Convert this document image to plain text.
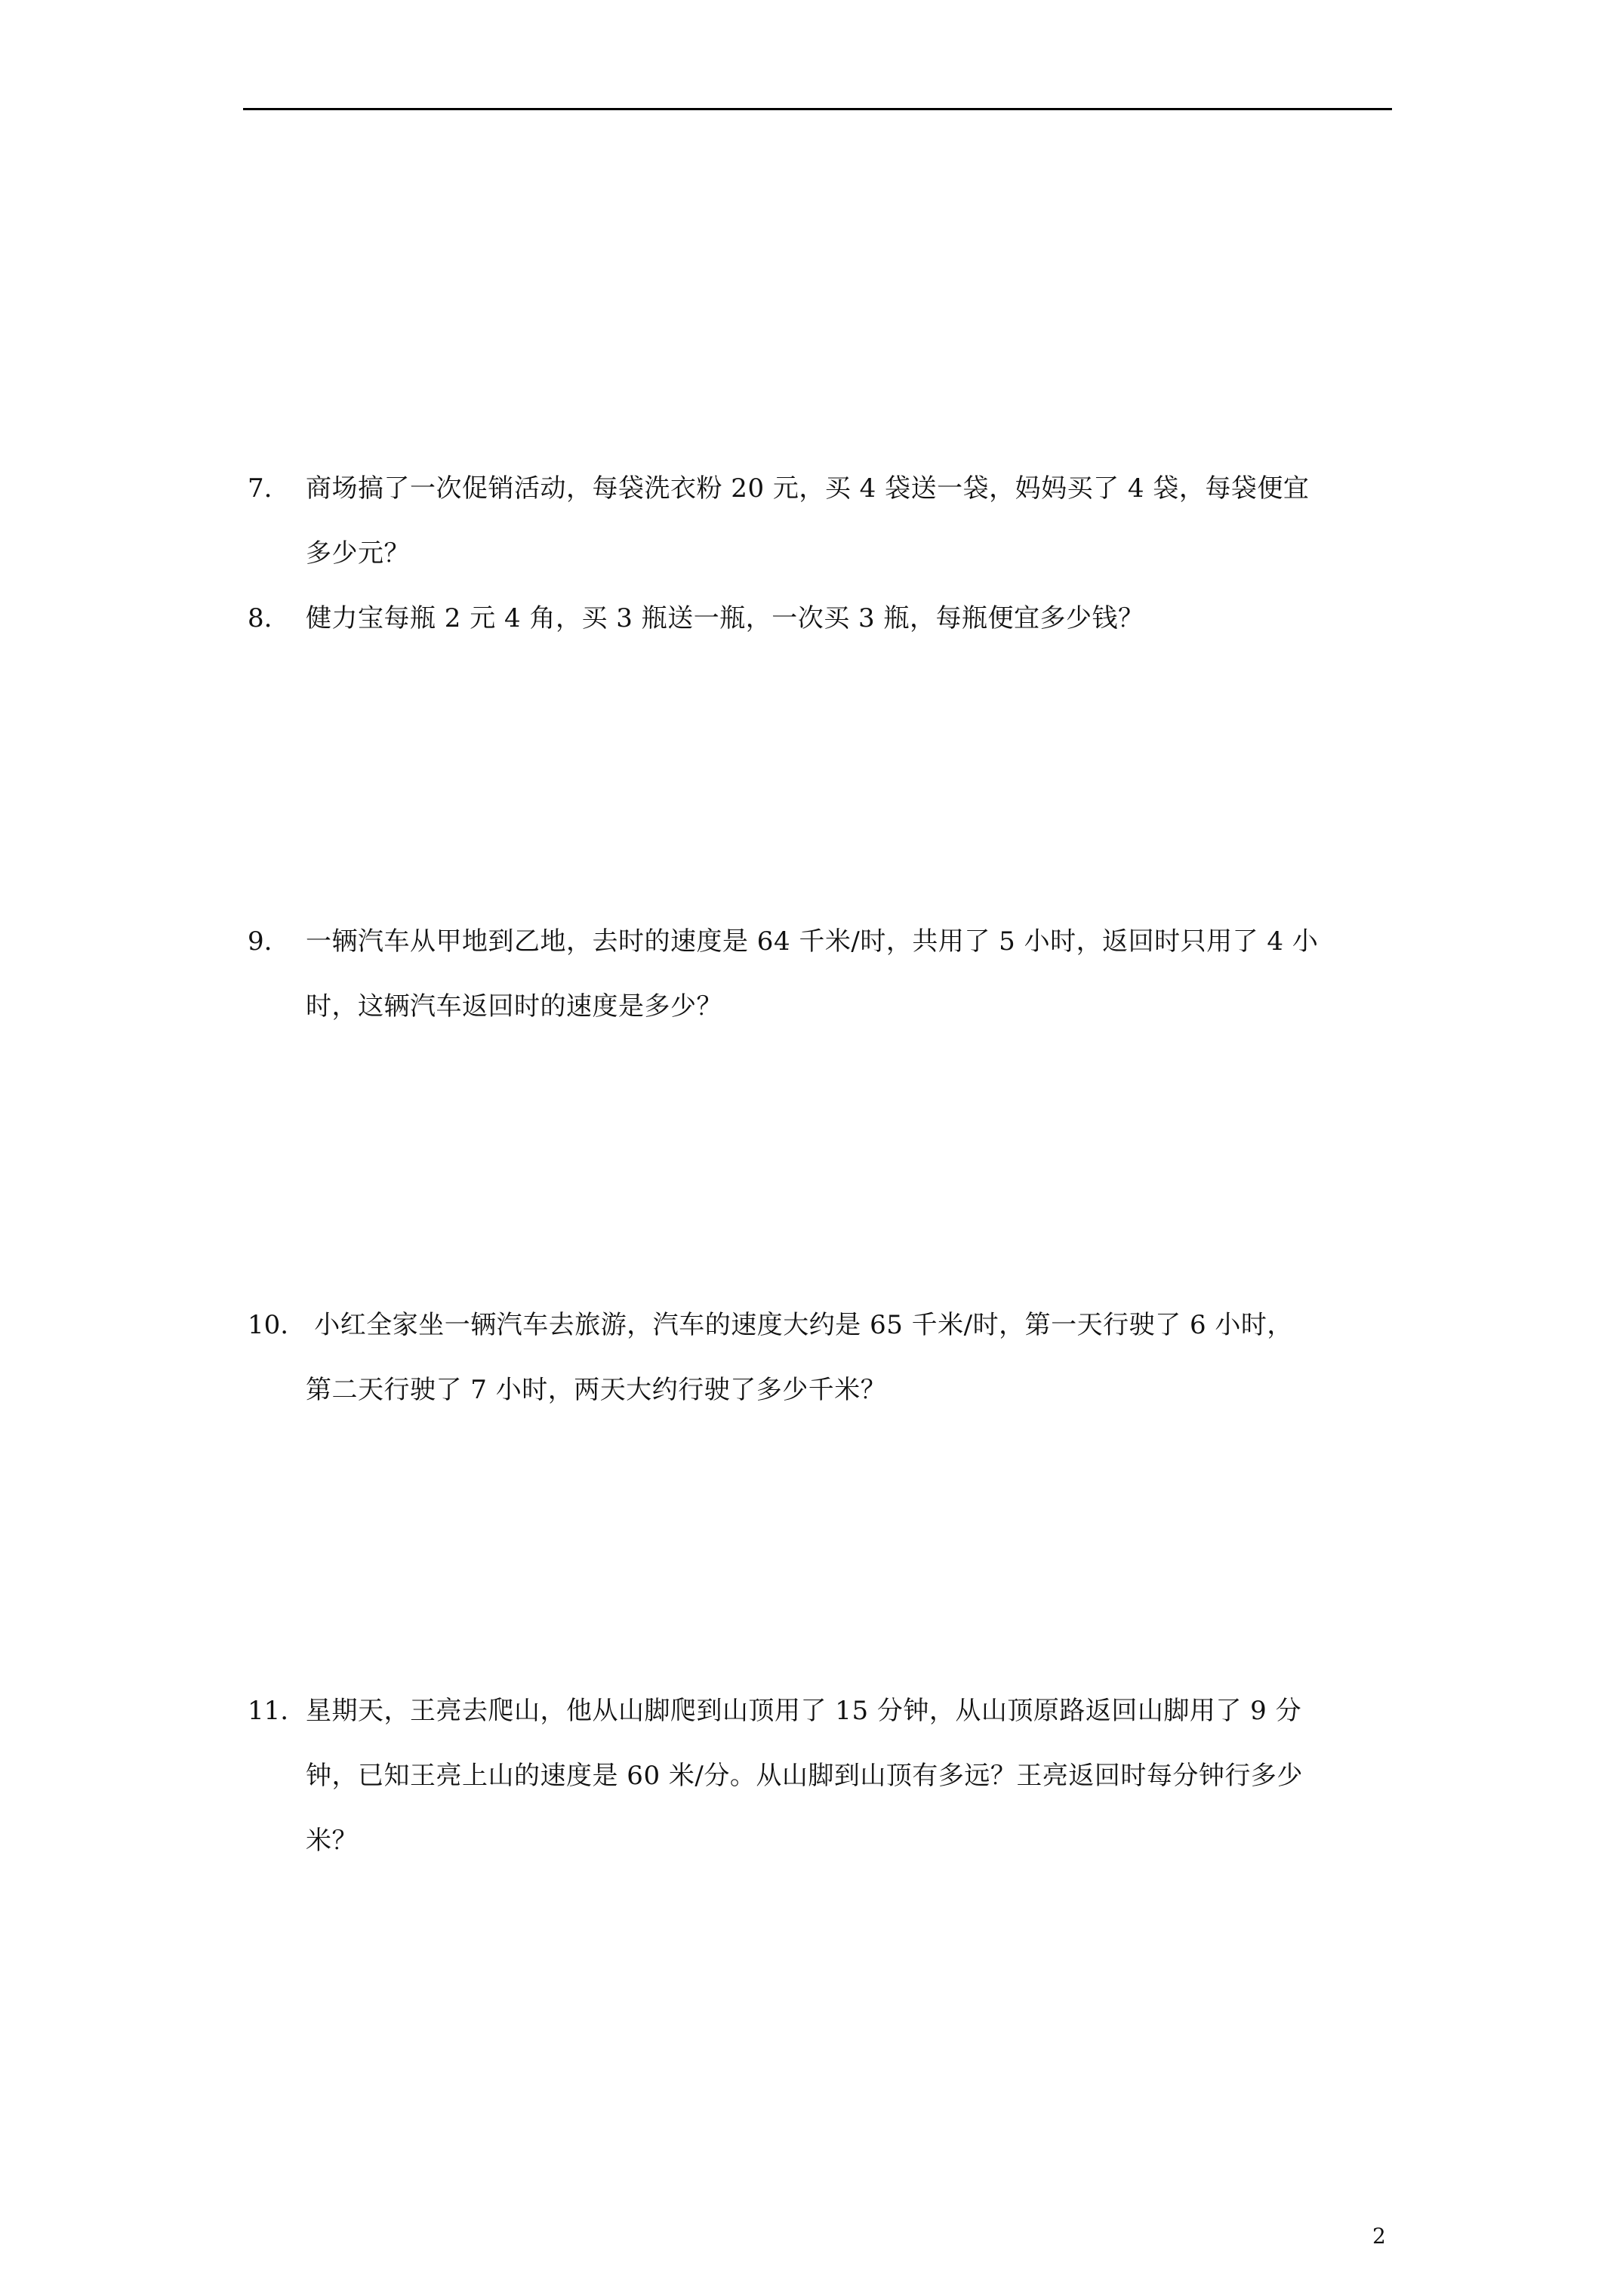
7. 商场搞了一次促销活动，每袋洗衣粉 20 元，买 4 袋送一袋，妈妈买了 4 袋，每袋便宜
多少元？
8. 健力宝每瓶 2 元 4 角，买 3 瓶送一瓶，一次买 3 瓶，每瓶便宜多少钱？
9. 一辆汽车从甲地到乙地，去时的速度是 64 千米/时，共用了 5 小时，返回时只用了 4 小
时，这辆汽车返回时的速度是多少？
10. 小红全家坐一辆汽车去旅游，汽车的速度大约是 65 千米/时，第一天行驶了 6 小时，
第二天行驶了 7 小时，两天大约行驶了多少千米？
11. 星期天，王亮去爬山，他从山脚爬到山顶用了 15 分钟，从山顶原路返回山脚用了 9 分
钟，已知王亮上山的速度是 60 米/分。从山脚到山顶有多远？王亮返回时每分钟行多少
米？
2
